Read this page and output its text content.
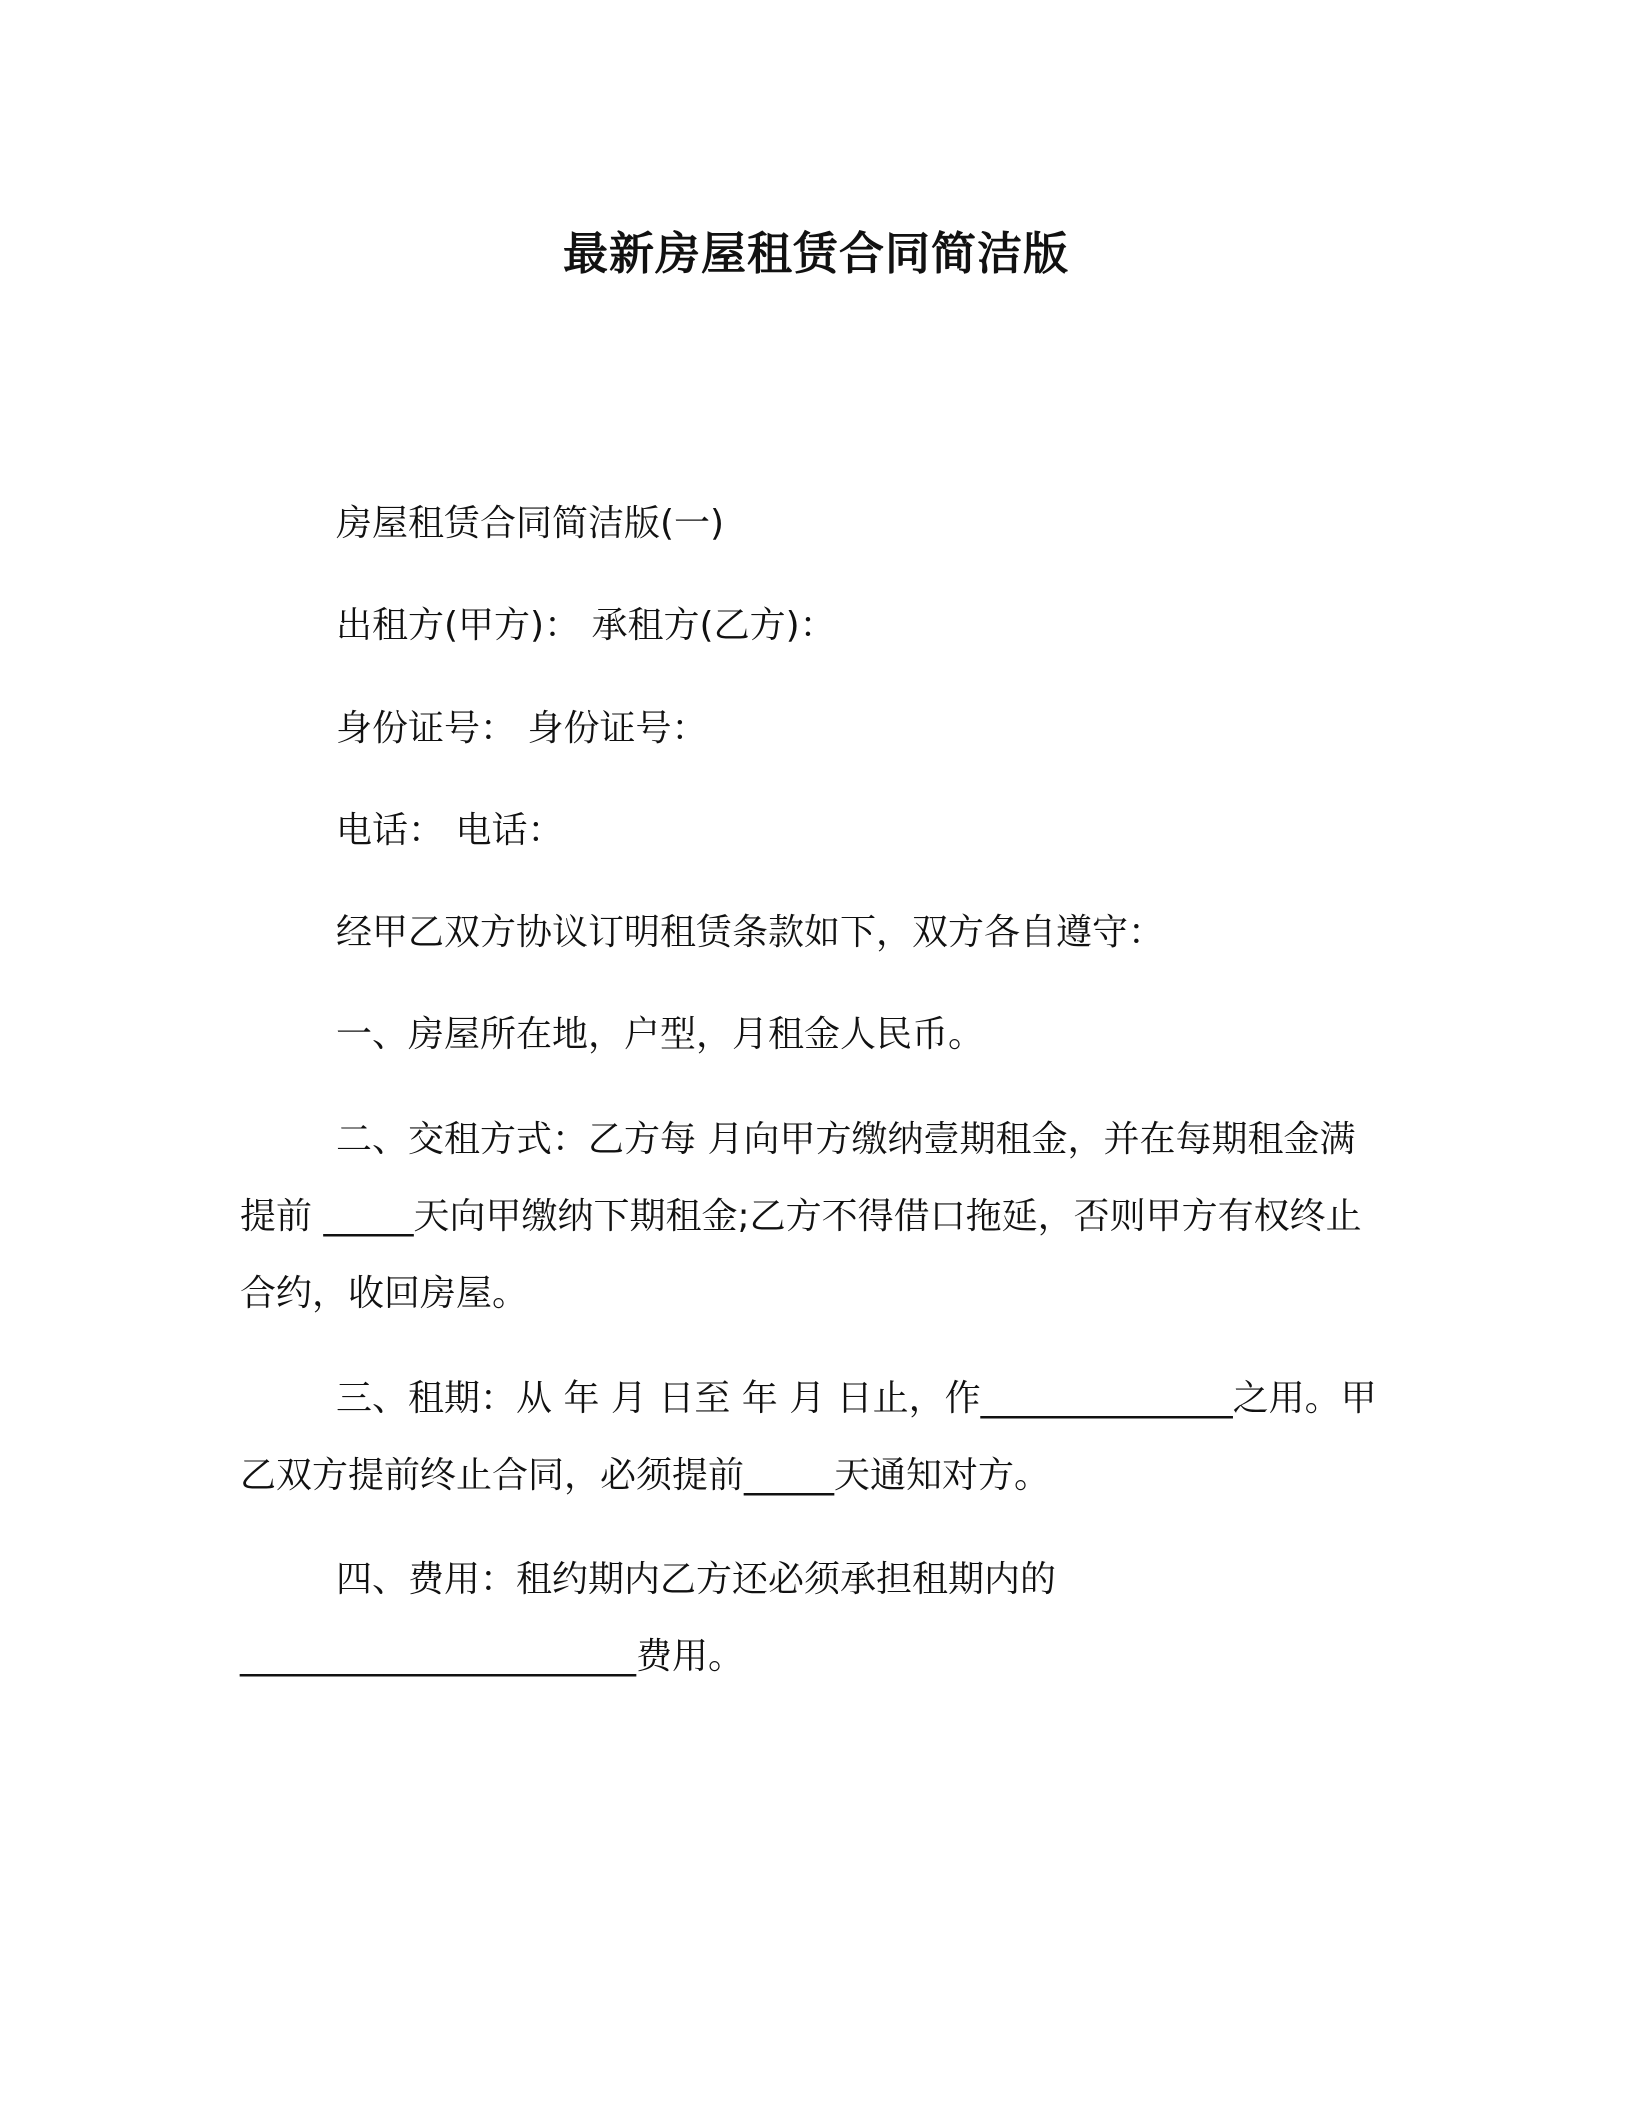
最新房屋租赁合同简洁版

房屋租赁合同简洁版(一)

出租方(甲方)： 承租方(乙方)：

身份证号： 身份证号：

电话： 电话：

经甲乙双方协议订明租赁条款如下，双方各自遵守：

一、房屋所在地，户型，月租金人民币。

二、交租方式：乙方每 月向甲方缴纳壹期租金，并在每期租金满提前 _____天向甲缴纳下期租金;乙方不得借口拖延，否则甲方有权终止合约，收回房屋。

三、租期：从 年 月 日至 年 月 日止，作______________之用。甲乙双方提前终止合同，必须提前_____天通知对方。

四、费用：租约期内乙方还必须承担租期内的______________________费用。
